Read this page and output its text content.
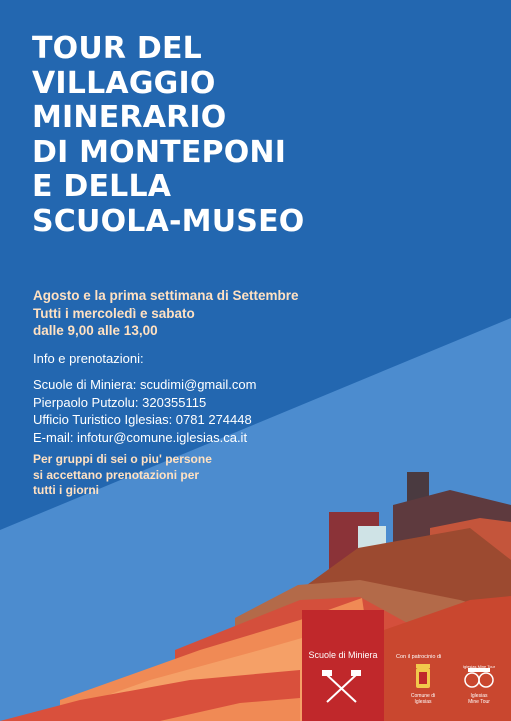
TOUR DEL
VILLAGGIO
MINERARIO
DI MONTEPONI
E DELLA
SCUOLA-MUSEO
Agosto e la prima settimana di Settembre
Tutti i mercoledì e sabato
dalle 9,00 alle 13,00
Info e prenotazioni:
Scuole di Miniera: scudimi@gmail.com
Pierpaolo Putzolu: 320355115
Ufficio Turistico Iglesias: 0781 274448
E-mail: infotur@comune.iglesias.ca.it
Per gruppi di sei o piu' persone
si accettano prenotazioni per
tutti i giorni
Scuole di Miniera	Con il patrocinio di
Comune di
Iglesias
Iglesias
Mine Tour
Iglesias Mine Tour
